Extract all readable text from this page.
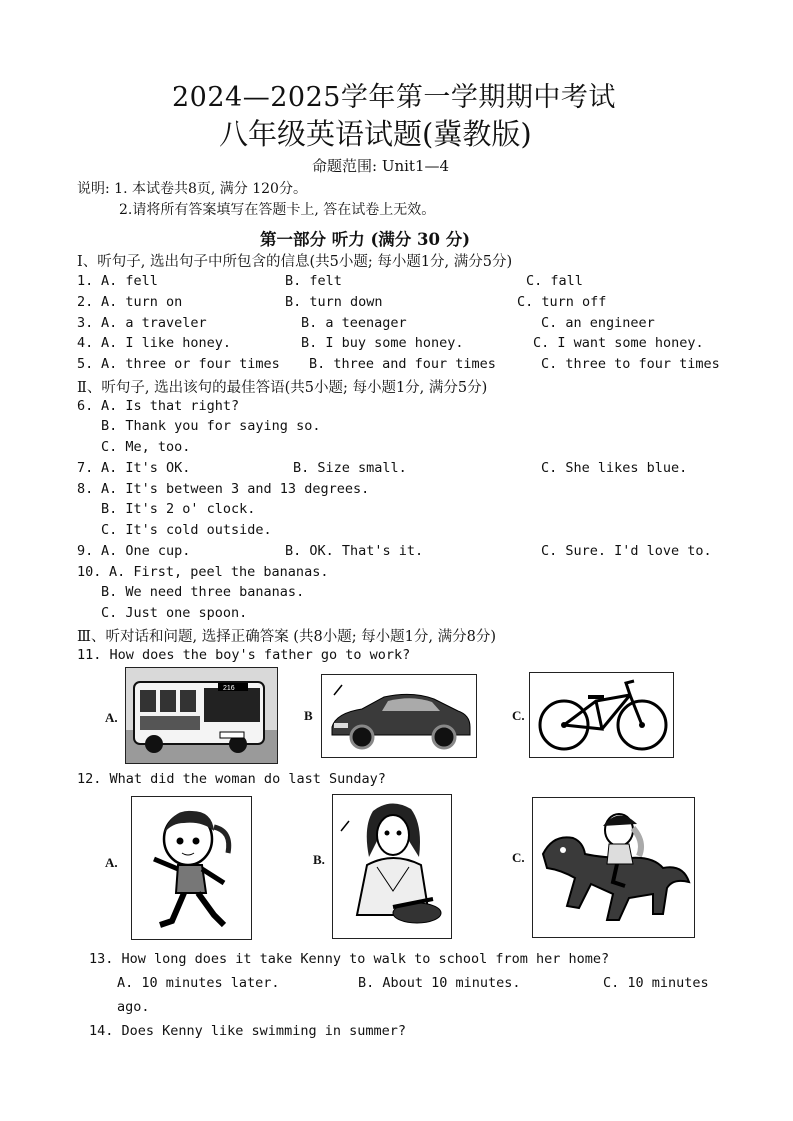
2024—2025学年第一学期期中考试
八年级英语试题(冀教版)
命题范围: Unit1—4
说明: 1. 本试卷共8页, 满分 120分。
2.请将所有答案填写在答题卡上, 答在试卷上无效。
第一部分 听力 (满分 30 分)
Ⅰ、听句子, 选出句子中所包含的信息(共5小题; 每小题1分, 满分5分)
1. A. fell	B. felt	C. fall
2. A. turn on	B. turn down	C. turn off
3. A. a traveler	B. a teenager	C. an engineer
4. A. I like honey.	B. I buy some honey.	C. I want some honey.
5. A. three or four times B. three and four times	C. three to four times
Ⅱ、听句子, 选出该句的最佳答语(共5小题; 每小题1分, 满分5分)
6. A. Is that right?
B. Thank you for saying so.
C. Me, too.
7. A. It's OK.	B. Size small.	C. She likes blue.
8. A. It's between 3 and 13 degrees.
B. It's 2 o' clock.
C. It's cold outside.
9. A. One cup.	B. OK. That's it.	C. Sure. I'd love to.
10. A. First, peel the bananas.
B. We need three bananas.
C. Just one spoon.
Ⅲ、听对话和问题, 选择正确答案 (共8小题; 每小题1分, 满分8分)
11. How does the boy's father go to work?
A.
216
B	C.
12. What did the woman do last Sunday?
A.	B.	C.
13. How long does it take Kenny to walk to school from her home?
A. 10 minutes later.	B. About 10 minutes.	C. 10 minutes
ago.
14. Does Kenny like swimming in summer?
